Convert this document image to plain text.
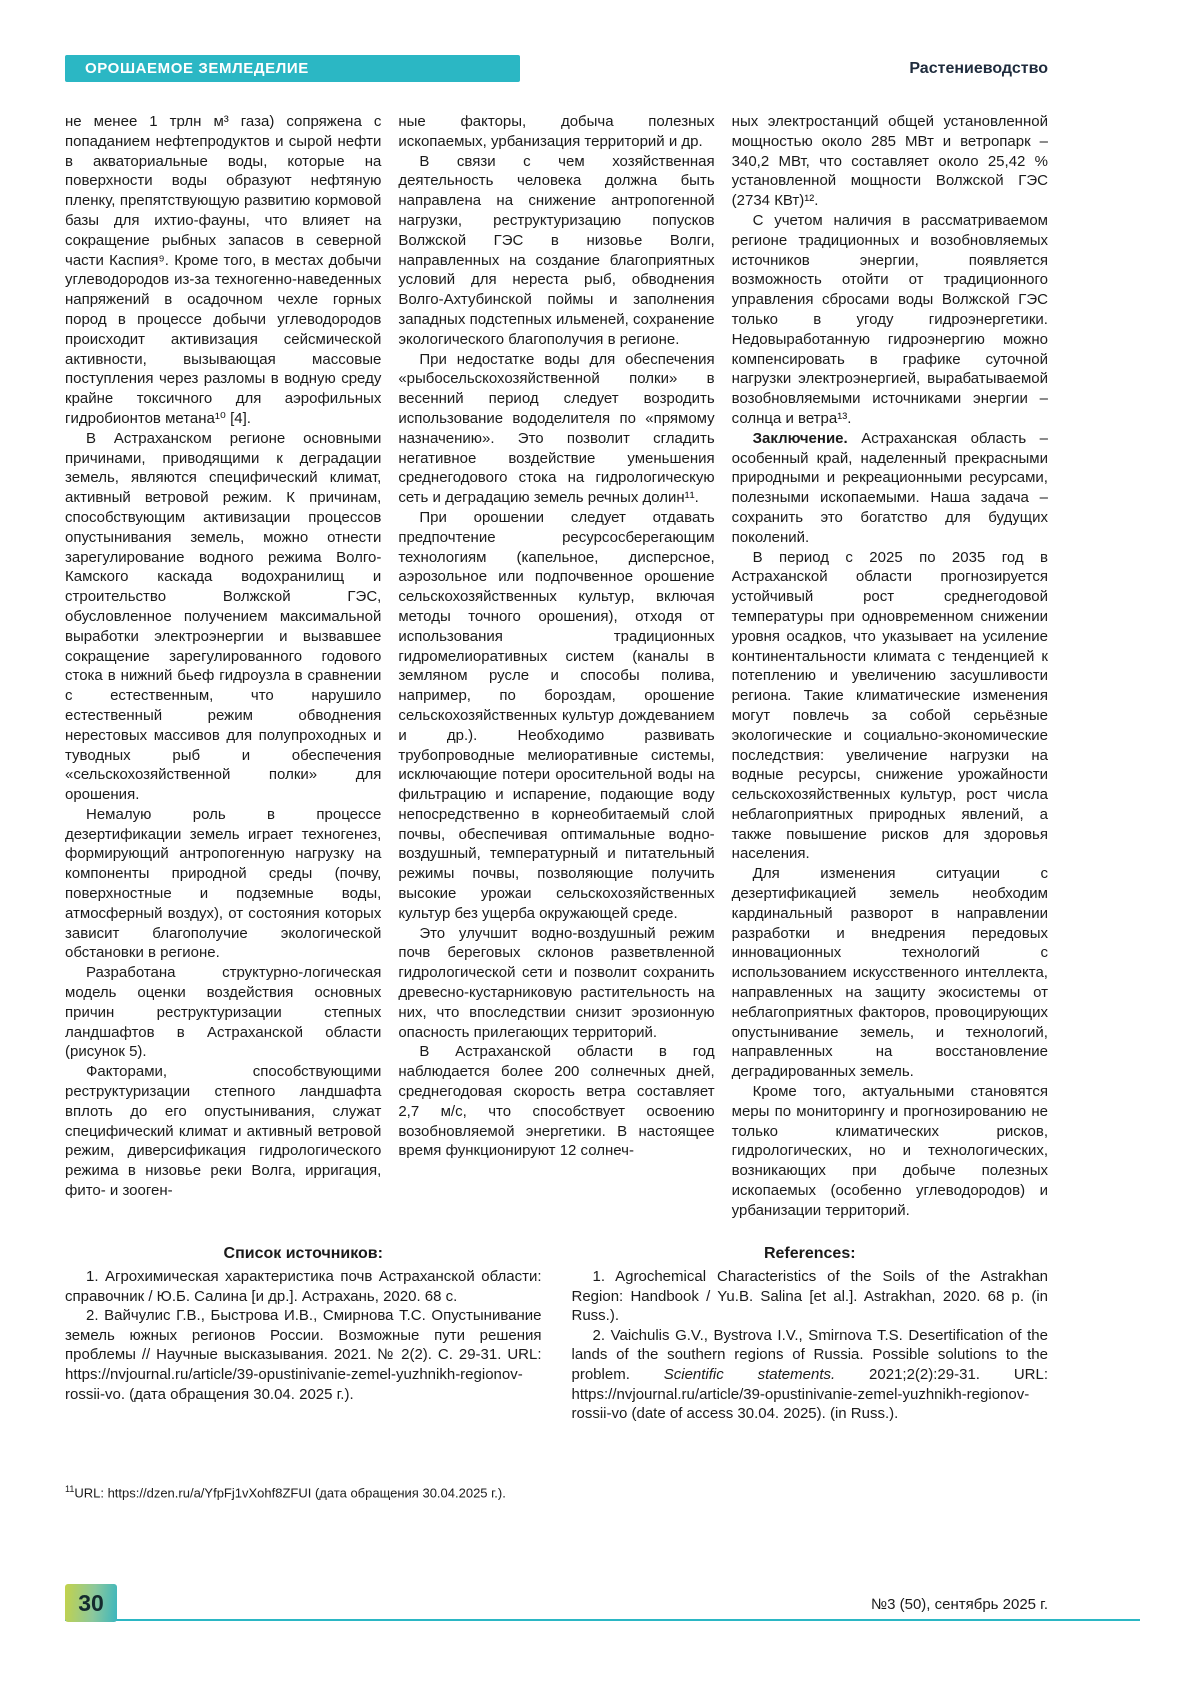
ОРОШАЕМОЕ ЗЕМЛЕДЕЛИЕ	Растениеводство

не менее 1 трлн м³ газа) сопряжена с попаданием нефтепродуктов и сырой нефти в акваториальные воды, которые на поверхности воды образуют нефтяную пленку, препятствующую развитию кормовой базы для ихтио-фауны, что влияет на сокращение рыбных запасов в северной части Каспия⁹. Кроме того, в местах добычи углеводородов из-за техногенно-наведенных напряжений в осадочном чехле горных пород в процессе добычи углеводородов происходит активизация сейсмической активности, вызывающая массовые поступления через разломы в водную среду крайне токсичного для аэрофильных гидробионтов метана¹⁰ [4].

В Астраханском регионе основными причинами, приводящими к деградации земель, являются специфический климат, активный ветровой режим. К причинам, способствующим активизации процессов опустынивания земель, можно отнести зарегулирование водного режима Волго-Камского каскада водохранилищ и строительство Волжской ГЭС, обусловленное получением максимальной выработки электроэнергии и вызвавшее сокращение зарегулированного годового стока в нижний бьеф гидроузла в сравнении с естественным, что нарушило естественный режим обводнения нерестовых массивов для полупроходных и туводных рыб и обеспечения «сельскохозяйственной полки» для орошения.

Немалую роль в процессе дезертификации земель играет техногенез, формирующий антропогенную нагрузку на компоненты природной среды (почву, поверхностные и подземные воды, атмосферный воздух), от состояния которых зависит благополучие экологической обстановки в регионе.

Разработана структурно-логическая модель оценки воздействия основных причин реструктуризации степных ландшафтов в Астраханской области (рисунок 5).

Факторами, способствующими реструктуризации степного ландшафта вплоть до его опустынивания, служат специфический климат и активный ветровой режим, диверсификация гидрологического режима в низовье реки Волга, ирригация, фито- и зооген-

ные факторы, добыча полезных ископаемых, урбанизация территорий и др.

В связи с чем хозяйственная деятельность человека должна быть направлена на снижение антропогенной нагрузки, реструктуризацию попусков Волжской ГЭС в низовье Волги, направленных на создание благоприятных условий для нереста рыб, обводнения Волго-Ахтубинской поймы и заполнения западных подстепных ильменей, сохранение экологического благополучия в регионе.

При недостатке воды для обеспечения «рыбосельскохозяйственной полки» в весенний период следует возродить использование вододелителя по «прямому назначению». Это позволит сгладить негативное воздействие уменьшения среднегодового стока на гидрологическую сеть и деградацию земель речных долин¹¹.

При орошении следует отдавать предпочтение ресурсосберегающим технологиям (капельное, дисперсное, аэрозольное или подпочвенное орошение сельскохозяйственных культур, включая методы точного орошения), отходя от использования традиционных гидромелиоративных систем (каналы в земляном русле и способы полива, например, по бороздам, орошение сельскохозяйственных культур дождеванием и др.). Необходимо развивать трубопроводные мелиоративные системы, исключающие потери оросительной воды на фильтрацию и испарение, подающие воду непосредственно в корнеобитаемый слой почвы, обеспечивая оптимальные водно-воздушный, температурный и питательный режимы почвы, позволяющие получить высокие урожаи сельскохозяйственных культур без ущерба окружающей среде.

Это улучшит водно-воздушный режим почв береговых склонов разветвленной гидрологической сети и позволит сохранить древесно-кустарниковую растительность на них, что впоследствии снизит эрозионную опасность прилегающих территорий.

В Астраханской области в год наблюдается более 200 солнечных дней, среднегодовая скорость ветра составляет 2,7 м/с, что способствует освоению возобновляемой энергетики. В настоящее время функционируют 12 солнеч-

ных электростанций общей установленной мощностью около 285 МВт и ветропарк – 340,2 МВт, что составляет около 25,42 % установленной мощности Волжской ГЭС (2734 КВт)¹².

С учетом наличия в рассматриваемом регионе традиционных и возобновляемых источников энергии, появляется возможность отойти от традиционного управления сбросами воды Волжской ГЭС только в угоду гидроэнергетики. Недовыработанную гидроэнергию можно компенсировать в графике суточной нагрузки электроэнергией, вырабатываемой возобновляемыми источниками энергии – солнца и ветра¹³.

Заключение. Астраханская область – особенный край, наделенный прекрасными природными и рекреационными ресурсами, полезными ископаемыми. Наша задача – сохранить это богатство для будущих поколений.

В период с 2025 по 2035 год в Астраханской области прогнозируется устойчивый рост среднегодовой температуры при одновременном снижении уровня осадков, что указывает на усиление континентальности климата с тенденцией к потеплению и увеличению засушливости региона. Такие климатические изменения могут повлечь за собой серьёзные экологические и социально-экономические последствия: увеличение нагрузки на водные ресурсы, снижение урожайности сельскохозяйственных культур, рост числа неблагоприятных природных явлений, а также повышение рисков для здоровья населения.

Для изменения ситуации с дезертификацией земель необходим кардинальный разворот в направлении разработки и внедрения передовых инновационных технологий с использованием искусственного интеллекта, направленных на защиту экосистемы от неблагоприятных факторов, провоцирующих опустынивание земель, и технологий, направленных на восстановление деградированных земель.

Кроме того, актуальными становятся меры по мониторингу и прогнозированию не только климатических рисков, гидрологических, но и технологических, возникающих при добыче полезных ископаемых (особенно углеводородов) и урбанизации территорий.

Список источников:

1. Агрохимическая характеристика почв Астраханской области: справочник / Ю.Б. Салина [и др.]. Астрахань, 2020. 68 с.

2. Вайчулис Г.В., Быстрова И.В., Смирнова Т.С. Опустынивание земель южных регионов России. Возможные пути решения проблемы // Научные высказывания. 2021. № 2(2). С. 29-31. URL: https://nvjournal.ru/article/39-opustinivanie-zemel-yuzhnikh-regionov-rossii-vo. (дата обращения 30.04. 2025 г.).

References:

1. Agrochemical Characteristics of the Soils of the Astrakhan Region: Handbook / Yu.B. Salina [et al.]. Astrakhan, 2020. 68 p. (in Russ.).

2. Vaichulis G.V., Bystrova I.V., Smirnova T.S. Desertification of the lands of the southern regions of Russia. Possible solutions to the problem. Scientific statements. 2021;2(2):29-31. URL: https://nvjournal.ru/article/39-opustinivanie-zemel-yuzhnikh-regionov-rossii-vo (date of access 30.04. 2025). (in Russ.).

$^{11}$URL: https://dzen.ru/a/YfpFj1vXohf8ZFUI (дата обращения 30.04.2025 г.).
30	№3 (50), сентябрь 2025 г.
